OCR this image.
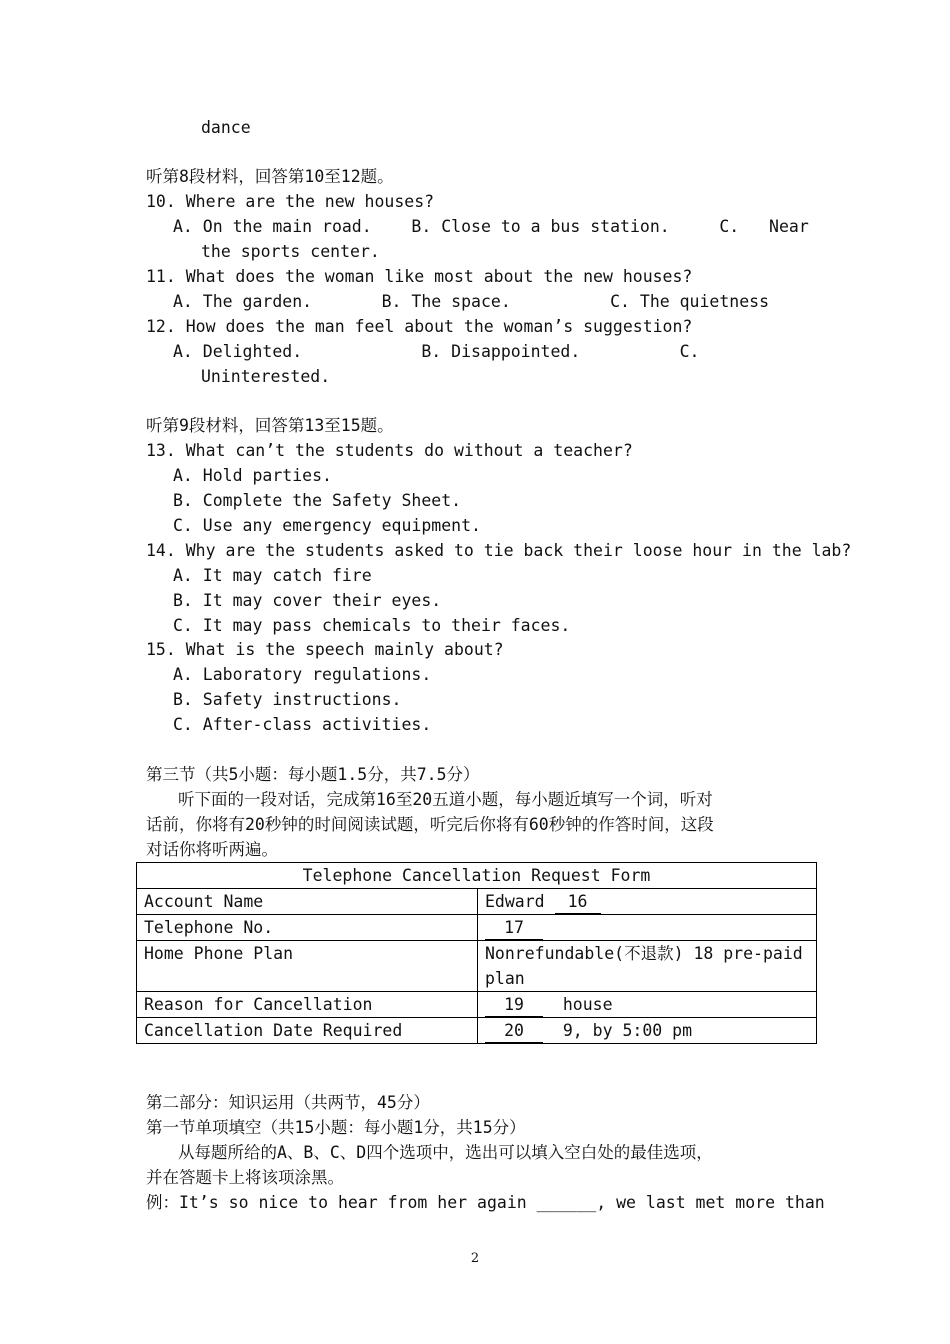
dance
听第8段材料，回答第10至12题。
10. Where are the new houses?
A. On the main road.    B. Close to a bus station.     C.   Near
the sports center.
11. What does the woman like most about the new houses?
A. The garden.       B. The space.          C. The quietness
12. How does the man feel about the woman’s suggestion?
A. Delighted.            B. Disappointed.          C.
Uninterested.
听第9段材料，回答第13至15题。
13. What can’t the students do without a teacher?
A. Hold parties.
B. Complete the Safety Sheet.
C. Use any emergency equipment.
14. Why are the students asked to tie back their loose hour in the lab?
A. It may catch fire
B. It may cover their eyes.
C. It may pass chemicals to their faces.
15. What is the speech mainly about?
A. Laboratory regulations.
B. Safety instructions.
C. After-class activities.
第三节（共5小题：每小题1.5分，共7.5分）
听下面的一段对话，完成第16至20五道小题，每小题近填写一个词，听对
话前，你将有20秒钟的时间阅读试题，听完后你将有60秒钟的作答时间，这段
对话你将听两遍。
Telephone Cancellation Request Form	
Account Name	Edward 16
Telephone No.	17
Home Phone Plan	Nonrefundable(不退款) 18 pre-paid
plan
Reason for Cancellation	19  house
Cancellation Date Required	20  9, by 5:00 pm
第二部分：知识运用（共两节，45分）
第一节单项填空（共15小题：每小题1分，共15分）
从每题所给的A、B、C、D四个选项中，选出可以填入空白处的最佳选项，
并在答题卡上将该项涂黑。
例：It’s so nice to hear from her again ______, we last met more than
2
